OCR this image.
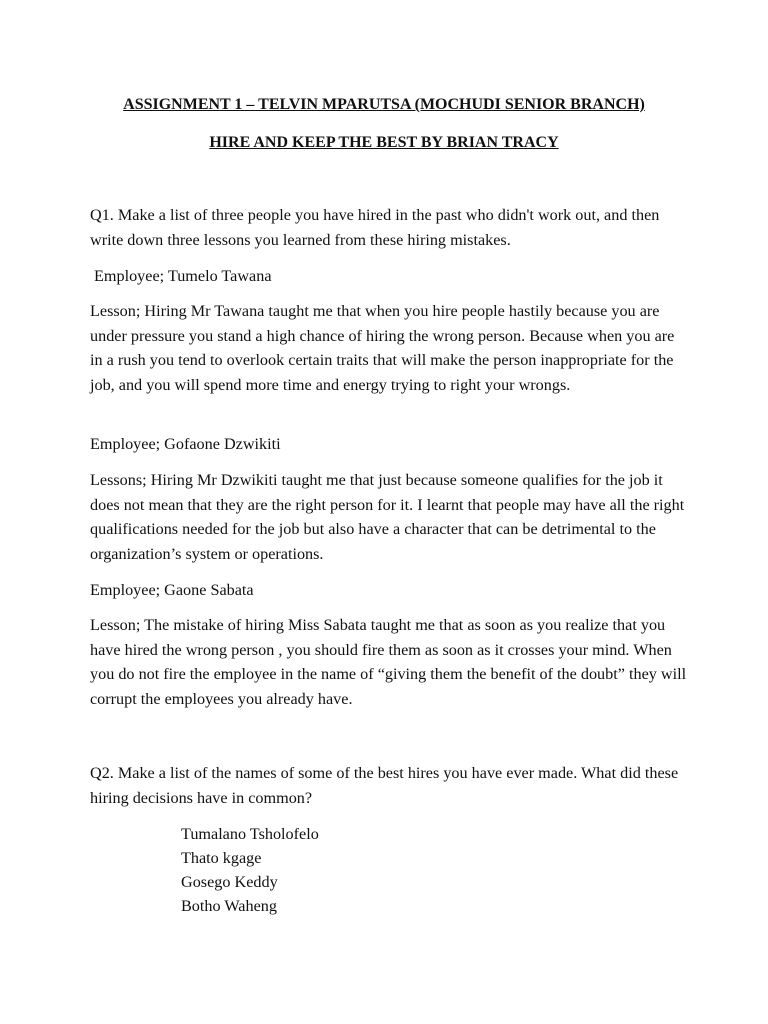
ASSIGNMENT 1 – TELVIN MPARUTSA (MOCHUDI SENIOR BRANCH)
HIRE AND KEEP THE BEST BY BRIAN TRACY
Q1. Make a list of three people you have hired in the past who didn't work out, and then write down three lessons you learned from these hiring mistakes.
Employee; Tumelo Tawana
Lesson; Hiring Mr Tawana taught me that when you hire people hastily because you are under pressure you stand a high chance of hiring the wrong person. Because when you are in a rush you tend to overlook certain traits that will make the person inappropriate for the job, and you will spend more time and energy trying to right your wrongs.
Employee; Gofaone Dzwikiti
Lessons; Hiring Mr Dzwikiti taught me that just because someone qualifies for the job it does not mean that they are the right person for it. I learnt that people may have all the right qualifications needed for the job but also have a character that can be detrimental to the organization’s system or operations.
Employee; Gaone Sabata
Lesson; The mistake of hiring Miss Sabata taught me that as soon as you realize that you have hired the wrong person , you should fire them as soon as it crosses your mind. When you do not fire the employee in the name of “giving them the benefit of the doubt” they will corrupt the employees you already have.
Q2. Make a list of the names of some of the best hires you have ever made. What did these hiring decisions have in common?
Tumalano Tsholofelo
Thato kgage
Gosego Keddy
Botho Waheng
